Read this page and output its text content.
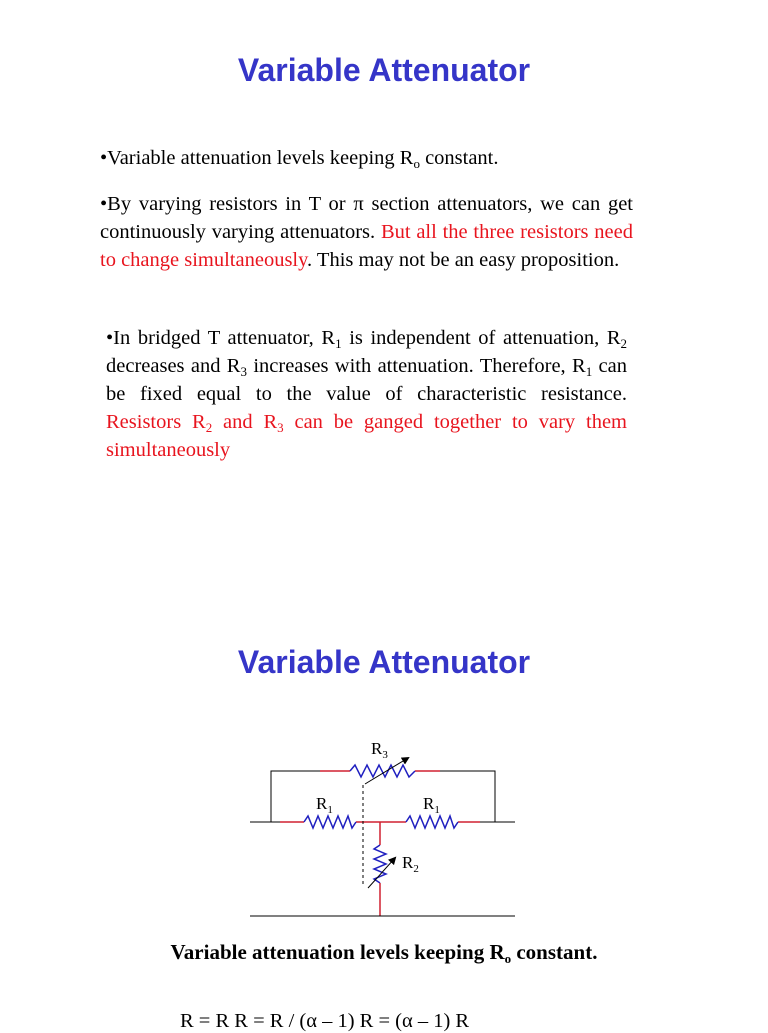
Variable Attenuator

•Variable attenuation levels keeping $R_o$ constant.

•By varying resistors in T or π section attenuators, we can get continuously varying attenuators. But all the three resistors need to change simultaneously. This may not be an easy proposition.

•In bridged T attenuator, $R_1$ is independent of attenuation, $R_2$ decreases and $R_3$ increases with attenuation. Therefore, $R_1$ can be fixed equal to the value of characteristic resistance. Resistors $R_2$ and $R_3$ can be ganged together to vary them simultaneously

Variable Attenuator
$R_3$
$R_1$	$R_1$
$R_2$

Variable attenuation levels keeping $R_o$ constant.

R = R R = R / (α – 1) R = (α – 1) R
